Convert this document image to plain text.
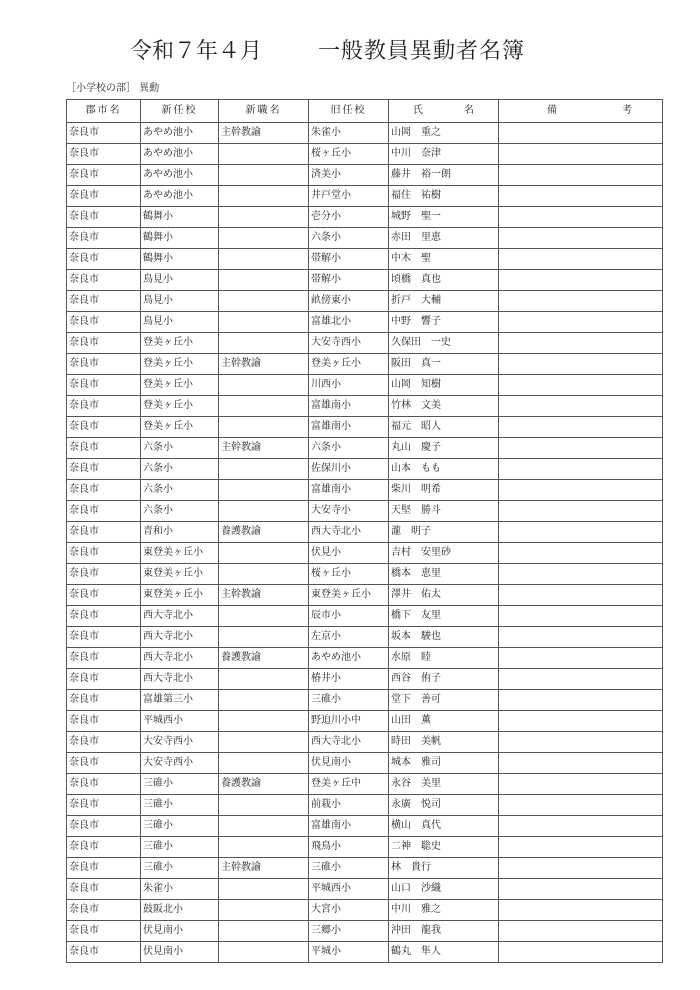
令和７年４月	一般教員異動者名簿
［小学校の部］ 異動
郡市名	新任校	新職名	旧任校	氏 名	備 考

奈良市	あやめ池小	主幹教諭	朱雀小	山岡　重之	
奈良市	あやめ池小		桜ヶ丘小	中川　奈津	
奈良市	あやめ池小		済美小	藤井　裕一朗	
奈良市	あやめ池小		井戸堂小	福住　祐樹	
奈良市	鶴舞小		壱分小	城野　聖一	
奈良市	鶴舞小		六条小	赤田　里恵	
奈良市	鶴舞小		帯解小	中木　聖	
奈良市	鳥見小		帯解小	頃橋　真也	
奈良市	鳥見小		畝傍東小	折戸　大輔	
奈良市	鳥見小		富雄北小	中野　響子	
奈良市	登美ヶ丘小		大安寺西小	久保田　一史	
奈良市	登美ヶ丘小	主幹教諭	登美ヶ丘小	阪田　真一	
奈良市	登美ヶ丘小		川西小	山岡　知樹	
奈良市	登美ヶ丘小		富雄南小	竹林　文美	
奈良市	登美ヶ丘小		富雄南小	福元　昭人	
奈良市	六条小	主幹教諭	六条小	丸山　慶子	
奈良市	六条小		佐保川小	山本　もも	
奈良市	六条小		富雄南小	柴川　明希	
奈良市	六条小		大安寺小	天堅　勝斗	
奈良市	青和小	養護教諭	西大寺北小	瀧　明子	
奈良市	東登美ヶ丘小		伏見小	吉村　安里砂	
奈良市	東登美ヶ丘小		桜ヶ丘小	橋本　恵里	
奈良市	東登美ヶ丘小	主幹教諭	東登美ヶ丘小	澤井　佑太	
奈良市	西大寺北小		辰市小	橋下　友里	
奈良市	西大寺北小		左京小	坂本　駿也	
奈良市	西大寺北小	養護教諭	あやめ池小	水原　睦	
奈良市	西大寺北小		椿井小	西谷　侑子	
奈良市	富雄第三小		三碓小	堂下　善可	
奈良市	平城西小		野迫川小中	山田　薫	
奈良市	大安寺西小		西大寺北小	時田　美帆	
奈良市	大安寺西小		伏見南小	城本　雅司	
奈良市	三碓小	養護教諭	登美ヶ丘中	永谷　美里	
奈良市	三碓小		前栽小	永廣　悦司	
奈良市	三碓小		富雄南小	横山　真代	
奈良市	三碓小		飛鳥小	二神　聡史	
奈良市	三碓小	主幹教諭	三碓小	林　貴行	
奈良市	朱雀小		平城西小	山口　沙織	
奈良市	鼓阪北小		大宮小	中川　雅之	
奈良市	伏見南小		三郷小	沖田　龍我	
奈良市	伏見南小		平城小	鶴丸　隼人	
